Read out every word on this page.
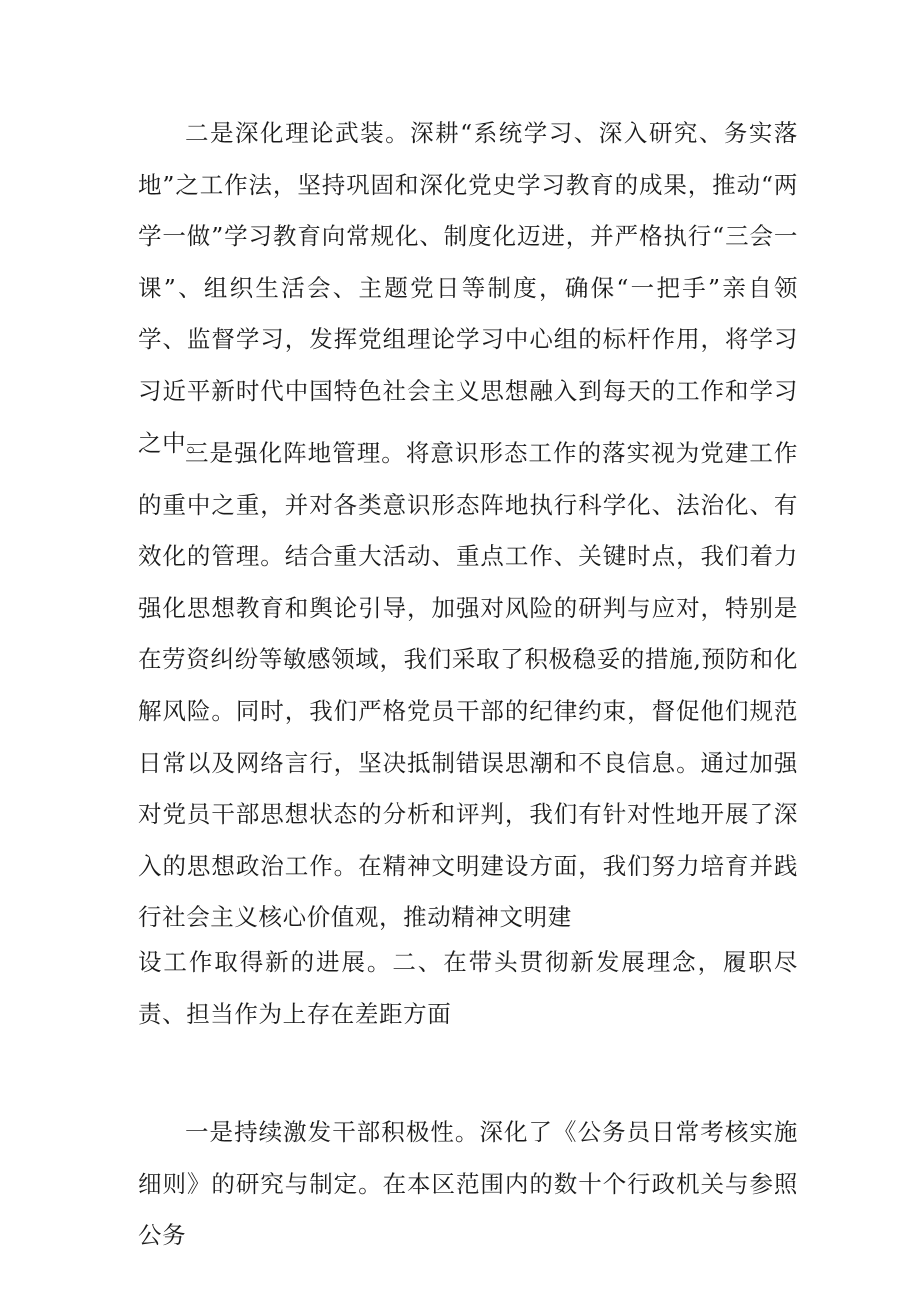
二是深化理论武装。深耕“系统学习、深入研究、务实落地”之工作法，坚持巩固和深化党史学习教育的成果，推动“两学一做”学习教育向常规化、制度化迈进，并严格执行“三会一课”、组织生活会、主题党日等制度，确保“一把手”亲自领学、监督学习，发挥党组理论学习中心组的标杆作用，将学习习近平新时代中国特色社会主义思想融入到每天的工作和学习之中。

三是强化阵地管理。将意识形态工作的落实视为党建工作的重中之重，并对各类意识形态阵地执行科学化、法治化、有效化的管理。结合重大活动、重点工作、关键时点，我们着力强化思想教育和舆论引导，加强对风险的研判与应对，特别是在劳资纠纷等敏感领域，我们采取了积极稳妥的措施,预防和化解风险。同时，我们严格党员干部的纪律约束，督促他们规范日常以及网络言行，坚决抵制错误思潮和不良信息。通过加强对党员干部思想状态的分析和评判，我们有针对性地开展了深入的思想政治工作。在精神文明建设方面，我们努力培育并践行社会主义核心价值观，推动精神文明建

设工作取得新的进展。二、在带头贯彻新发展理念，履职尽责、担当作为上存在差距方面

一是持续激发干部积极性。深化了《公务员日常考核实施细则》的研究与制定。在本区范围内的数十个行政机关与参照公务
